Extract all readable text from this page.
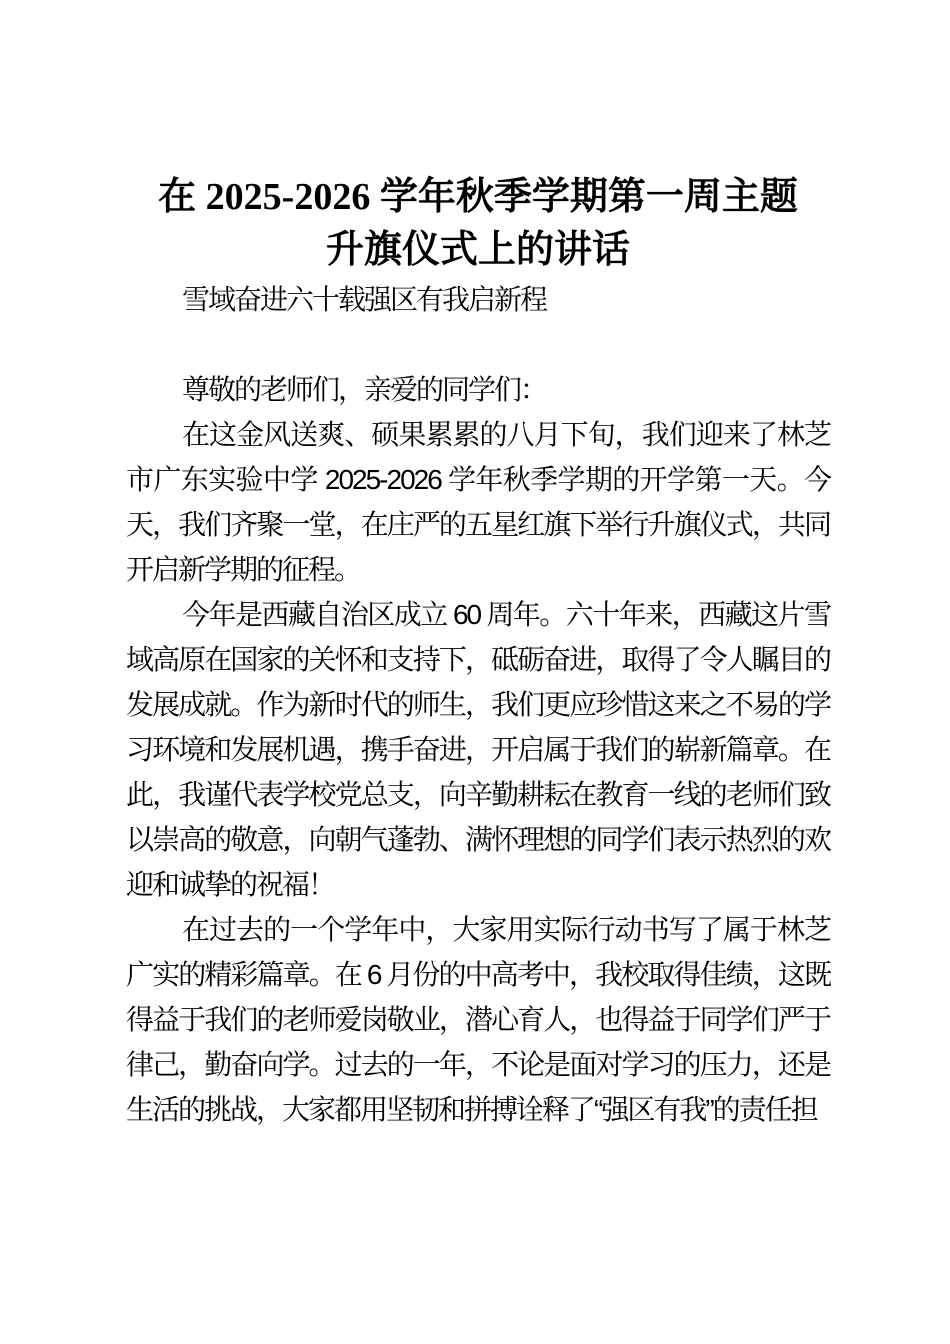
在 2025-2026 学年秋季学期第一周主题
升旗仪式上的讲话

雪域奋进六十载强区有我启新程

尊敬的老师们，亲爱的同学们：

在这金风送爽、硕果累累的八月下旬，我们迎来了林芝市广东实验中学 2025-2026 学年秋季学期的开学第一天。今天，我们齐聚一堂，在庄严的五星红旗下举行升旗仪式，共同开启新学期的征程。

今年是西藏自治区成立 60 周年。六十年来，西藏这片雪域高原在国家的关怀和支持下，砥砺奋进，取得了令人瞩目的发展成就。作为新时代的师生，我们更应珍惜这来之不易的学习环境和发展机遇，携手奋进，开启属于我们的崭新篇章。在此，我谨代表学校党总支，向辛勤耕耘在教育一线的老师们致以崇高的敬意，向朝气蓬勃、满怀理想的同学们表示热烈的欢迎和诚挚的祝福！

在过去的一个学年中，大家用实际行动书写了属于林芝广实的精彩篇章。在 6 月份的中高考中，我校取得佳绩，这既得益于我们的老师爱岗敬业，潜心育人，也得益于同学们严于律己，勤奋向学。过去的一年，不论是面对学习的压力，还是生活的挑战，大家都用坚韧和拼搏诠释了“强区有我”的责任担
